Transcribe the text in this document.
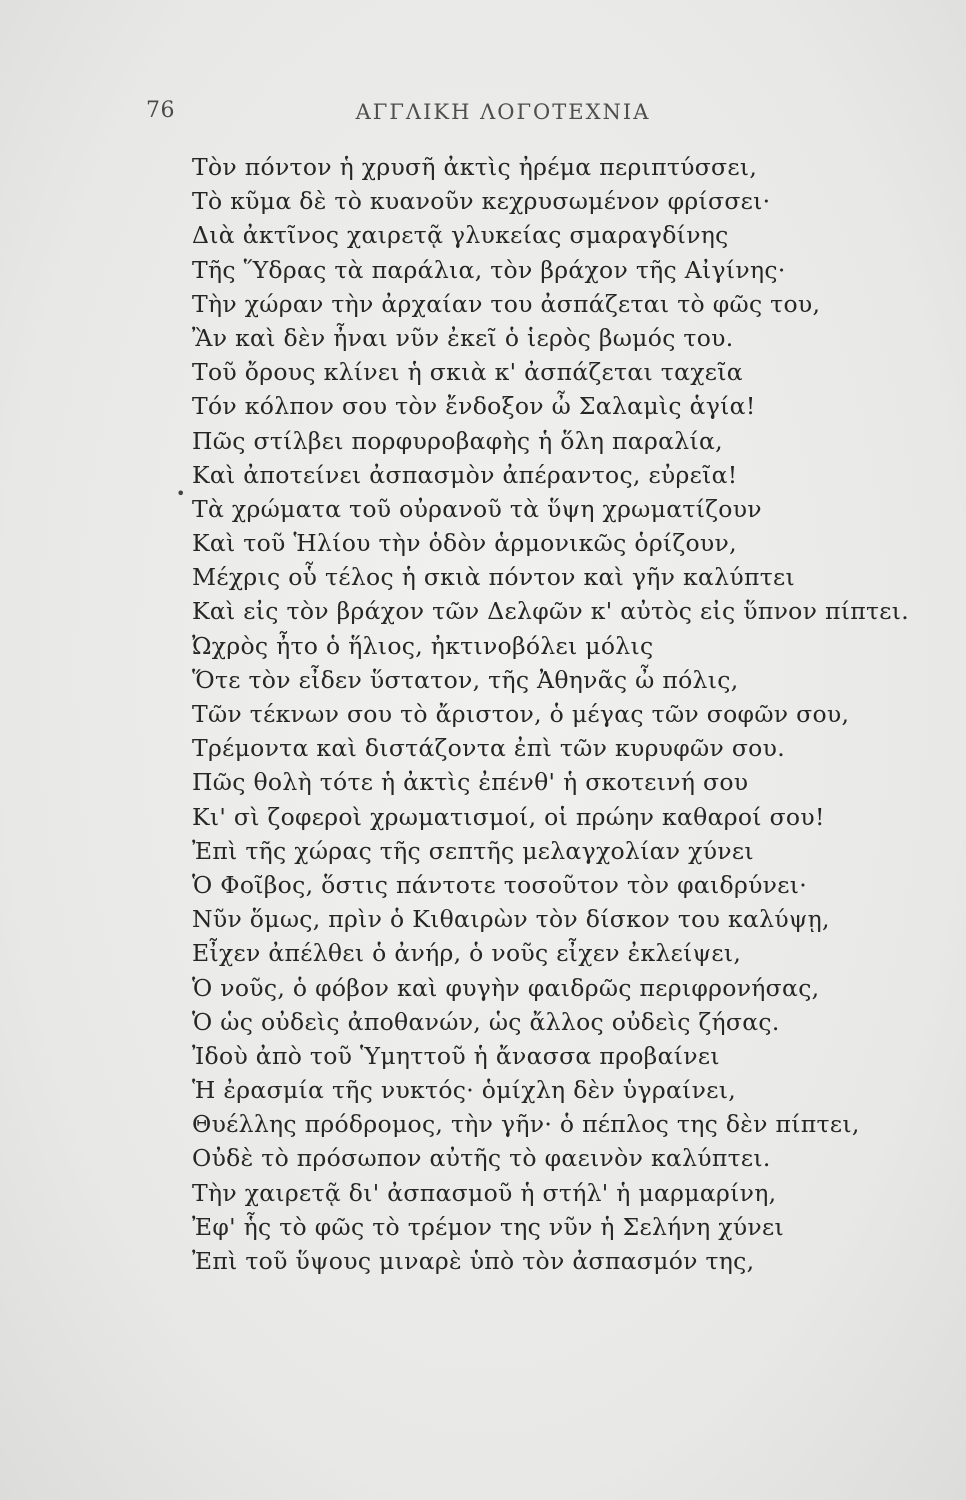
76	ΑΓΓΛΙΚΗ ΛΟΓΟΤΕΧΝΙΑ
•
Τὸν πόντον ἡ χρυσῆ ἀκτὶς ἠρέμα περιπτύσσει,
Τὸ κῦμα δὲ τὸ κυανοῦν κεχρυσωμένον φρίσσει·
Διὰ ἀκτῖνος χαιρετᾷ γλυκείας σμαραγδίνης
Τῆς Ὕδρας τὰ παράλια, τὸν βράχον τῆς Αἰγίνης·
Τὴν χώραν τὴν ἀρχαίαν του ἀσπάζεται τὸ φῶς του,
Ἂν καὶ δὲν ἦναι νῦν ἐκεῖ ὁ ἱερὸς βωμός του.
Τοῦ ὄρους κλίνει ἡ σκιὰ κ' ἀσπάζεται ταχεῖα
Τόν κόλπον σου τὸν ἔνδοξον ὦ Σαλαμὶς ἁγία!
Πῶς στίλβει πορφυροβαφὴς ἡ ὅλη παραλία,
Καὶ ἀποτείνει ἀσπασμὸν ἀπέραντος, εὐρεῖα!
Τὰ χρώματα τοῦ οὐρανοῦ τὰ ὕψη χρωματίζουν
Καὶ τοῦ Ἡλίου τὴν ὁδὸν ἁρμονικῶς ὁρίζουν,
Μέχρις οὗ τέλος ἡ σκιὰ πόντον καὶ γῆν καλύπτει
Καὶ εἰς τὸν βράχον τῶν Δελφῶν κ' αὐτὸς εἰς ὕπνον πίπτει.
Ὠχρὸς ἦτο ὁ ἥλιος, ἠκτινοβόλει μόλις
Ὅτε τὸν εἶδεν ὕστατον, τῆς Ἀθηνᾶς ὦ πόλις,
Τῶν τέκνων σου τὸ ἄριστον, ὁ μέγας τῶν σοφῶν σου,
Τρέμοντα καὶ διστάζοντα ἐπὶ τῶν κυρυφῶν σου.
Πῶς θολὴ τότε ἡ ἀκτὶς ἐπένθ' ἡ σκοτεινή σου
Κι' σὶ ζοφεροὶ χρωματισμοί, οἱ πρώην καθαροί σου!
Ἐπὶ τῆς χώρας τῆς σεπτῆς μελαγχολίαν χύνει
Ὁ Φοῖβος, ὅστις πάντοτε τοσοῦτον τὸν φαιδρύνει·
Νῦν ὅμως, πρὶν ὁ Κιθαιρὼν τὸν δίσκον του καλύψῃ,
Εἶχεν ἀπέλθει ὁ ἀνήρ, ὁ νοῦς εἶχεν ἐκλείψει,
Ὁ νοῦς, ὁ φόβον καὶ φυγὴν φαιδρῶς περιφρονήσας,
Ὁ ὡς οὐδεὶς ἀποθανών, ὡς ἄλλος οὐδεὶς ζήσας.
Ἰδοὺ ἀπὸ τοῦ Ὑμηττοῦ ἡ ἄνασσα προβαίνει
Ἡ ἐρασμία τῆς νυκτός· ὁμίχλη δὲν ὑγραίνει,
Θυέλλης πρόδρομος, τὴν γῆν· ὁ πέπλος της δὲν πίπτει,
Οὐδὲ τὸ πρόσωπον αὐτῆς τὸ φαεινὸν καλύπτει.
Τὴν χαιρετᾷ δι' ἀσπασμοῦ ἡ στήλ' ἡ μαρμαρίνη,
Ἐφ' ἧς τὸ φῶς τὸ τρέμον της νῦν ἡ Σελήνη χύνει
Ἐπὶ τοῦ ὕψους μιναρὲ ὑπὸ τὸν ἀσπασμόν της,
